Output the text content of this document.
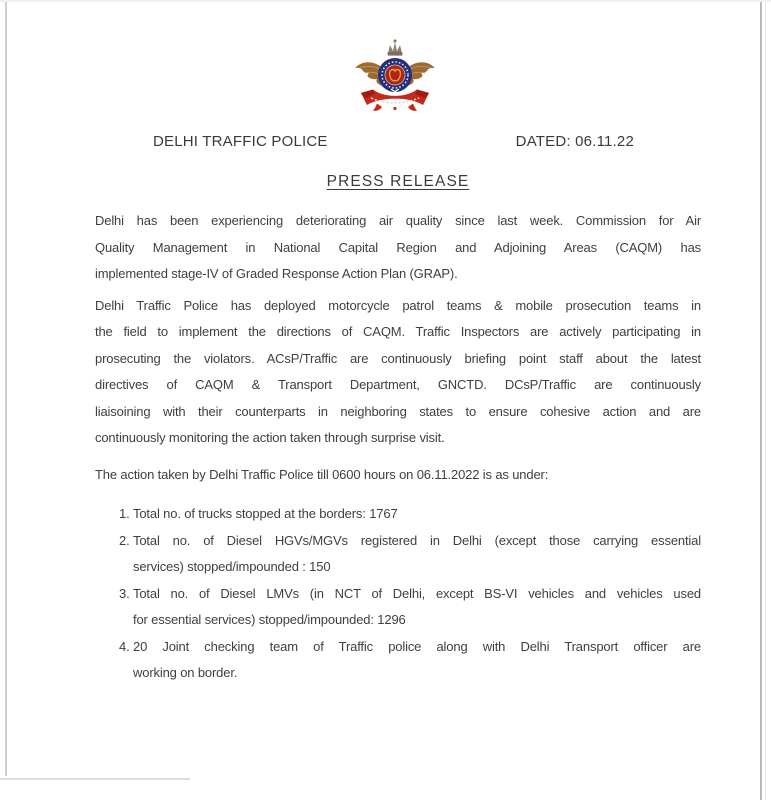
DELHI TRAFFIC POLICE	DATED: 06.11.22
PRESS RELEASE
Delhi has been experiencing deteriorating air quality since last week. Commission for Air
Quality Management in National Capital Region and Adjoining Areas (CAQM) has
implemented stage-IV of Graded Response Action Plan (GRAP).
Delhi Traffic Police has deployed motorcycle patrol teams & mobile prosecution teams in
the field to implement the directions of CAQM. Traffic Inspectors are actively participating in
prosecuting the violators. ACsP/Traffic are continuously briefing point staff about the latest
directives of CAQM & Transport Department, GNCTD. DCsP/Traffic are continuously
liaisoining with their counterparts in neighboring states to ensure cohesive action and are
continuously monitoring the action taken through surprise visit.
The action taken by Delhi Traffic Police till 0600 hours on 06.11.2022 is as under:
1. Total no. of trucks stopped at the borders: 1767
2. Total no. of Diesel HGVs/MGVs registered in Delhi (except those carrying essential
services) stopped/impounded : 150
3. Total no. of Diesel LMVs (in NCT of Delhi, except BS-VI vehicles and vehicles used
for essential services) stopped/impounded: 1296
4. 20 Joint checking team of Traffic police along with Delhi Transport officer are
working on border.
